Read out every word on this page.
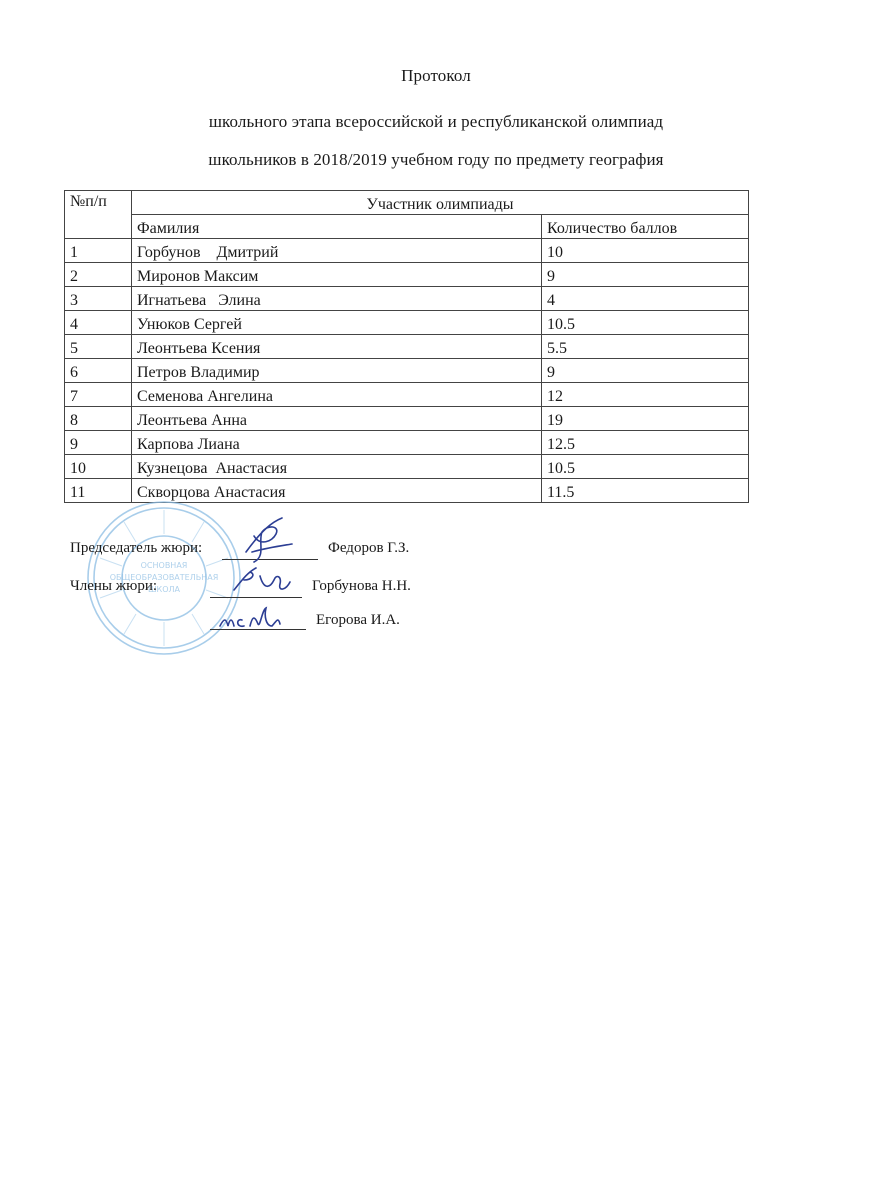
Протокол
школьного этапа всероссийской и республиканской олимпиад
школьников в 2018/2019 учебном году по предмету география
№п/п	Участник олимпиады	
	Фамилия	Количество баллов
1	Горбунов    Дмитрий	10
2	Миронов Максим	9
3	Игнатьева   Элина	4
4	Унюков Сергей	10.5
5	Леонтьева Ксения	5.5
6	Петров Владимир	9
7	Семенова Ангелина	12
8	Леонтьева Анна	19
9	Карпова Лиана	12.5
10	Кузнецова  Анастасия	10.5
11	Скворцова Анастасия	11.5
ОСНОВНАЯ
ОБЩЕОБРАЗОВАТЕЛЬНАЯ
ШКОЛА
Председатель жюри:	Федоров Г.З.
Члены жюри:	Горбунова Н.Н.
Егорова И.А.
